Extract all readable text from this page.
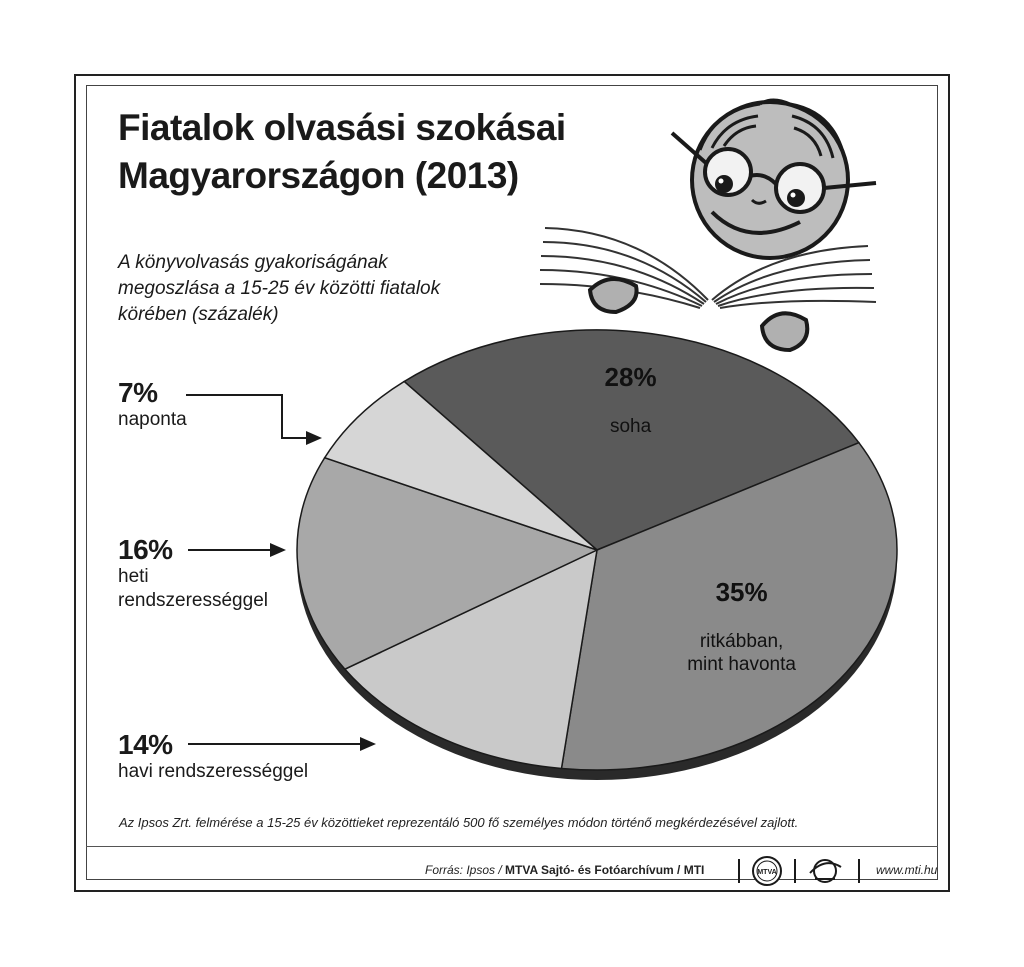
Fiatalok olvasási szokásai
Magyarországon (2013)
A könyvolvasás gyakoriságának
megoszlása a 15-25 év közötti fiatalok
körében (százalék)
28%
soha
35%
ritkábban,
mint havonta
7%
naponta
16%
heti
rendszerességgel
14%
havi rendszerességgel
Az Ipsos Zrt. felmérése a 15-25 év közöttieket reprezentáló 500 fő személyes módon történő megkérdezésével zajlott.
Forrás: Ipsos / MTVA Sajtó- és Fotóarchívum / MTI	MTVA	www.mti.hu
